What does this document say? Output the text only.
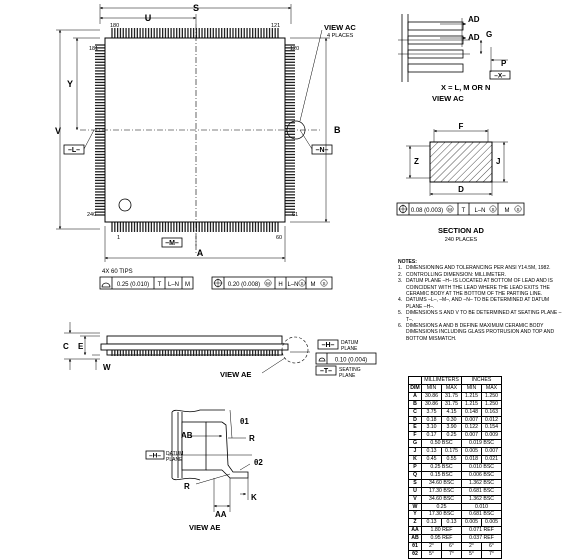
S
U
180	121
181	120
240	61
1	60
Y
V	B
–L–	–N–
VIEW AC
4 PLACES
–M–
A
4X 60 TIPS
0.25 (0.010) T L–N M	0.20 (0.008) M H L–N S M S
AD
AD G
P
–X–
X = L, M OR N
VIEW AC
F
Z	J
D
0.08 (0.003) M T L–N S M S
SECTION AD
240 PLACES
C E
W
VIEW AE
–H– DATUM
PLANE
0.10 (0.004)
–T– SEATING
PLANE
AB
θ1
R
–H– DATUM
PLANE	θ2
R
K
AA
VIEW AE
NOTES:
1. DIMENSIONING AND TOLERANCING PER ANSI Y14.5M, 1982.
2. CONTROLLING DIMENSION: MILLIMETER.
3. DATUM PLANE –H– IS LOCATED AT BOTTOM OF LEAD AND IS COINCIDENT WITH THE LEAD WHERE THE LEAD EXITS THE CERAMIC BODY AT THE BOTTOM OF THE PARTING LINE.
4. DATUMS –L–, –M–, AND –N– TO BE DETERMINED AT DATUM PLANE –H–.
5. DIMENSIONS S AND V TO BE DETERMINED AT SEATING PLANE –T–.
6. DIMENSIONS A AND B DEFINE MAXIMUM CERAMIC BODY DIMENSIONS INCLUDING GLASS PROTRUSION AND TOP AND BOTTOM MISMATCH.
	MILLIMETERS		INCHES	
DIM	MIN	MAX	MIN	MAX
A	30.86	31.75	1.215	1.250
B	30.86	31.75	1.215	1.250
C	3.75	4.15	0.148	0.163
D	0.18	0.30	0.007	0.012
E	3.10	3.90	0.122	0.154
F	0.17	0.25	0.007	0.009
G	0.50 BSC		0.019 BSC	
J	0.13	0.175	0.005	0.007
K	0.45	0.55	0.018	0.021
P	0.25 BSC		0.010 BSC	
Q	0.15 BSC		0.006 BSC	
S	34.60 BSC		1.362 BSC	
U	17.30 BSC		0.681 BSC	
V	34.60 BSC		1.362 BSC	
W	0.25		0.010	
Y	17.30 BSC		0.681 BSC	
Z	0.13	0.13	0.005	0.005
AA	1.80 REF		0.071 REF	
AB	0.95 REF		0.037 REF	
θ1	2°	6°	2°	6°
θ2	5°	7°	5°	7°
